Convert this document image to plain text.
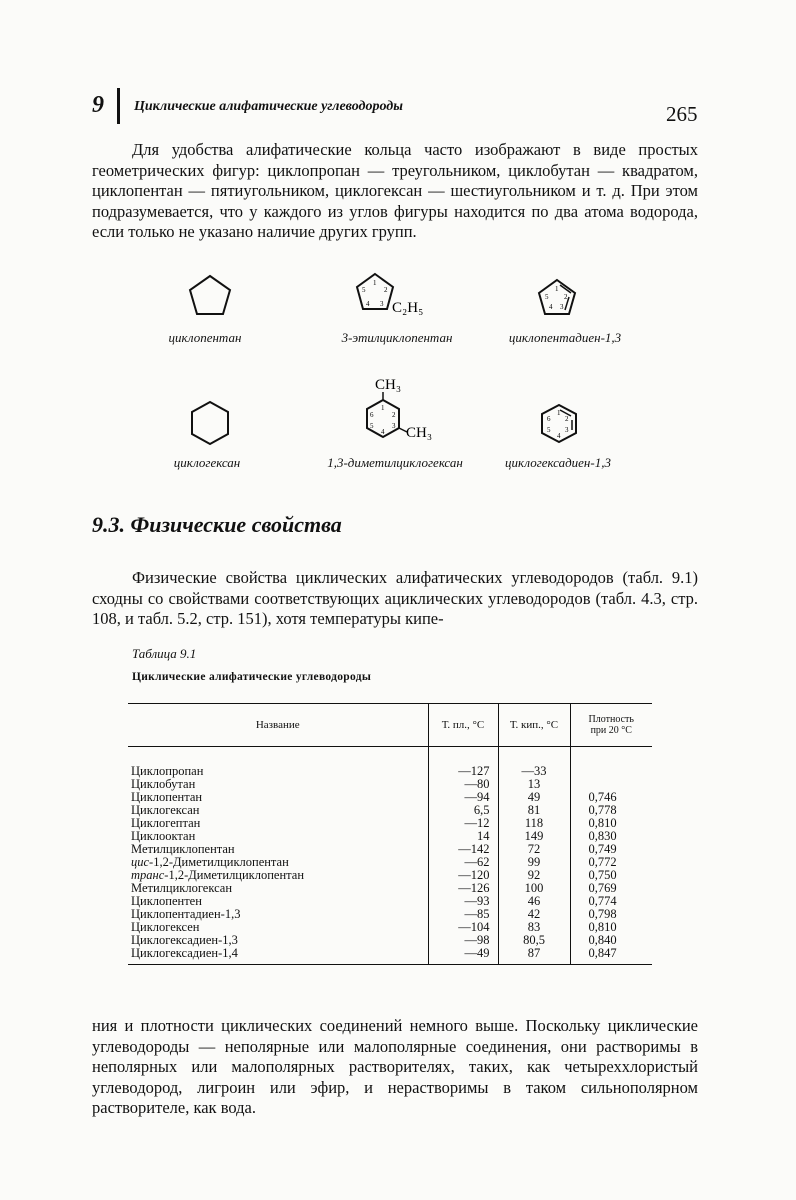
9 Циклические алифатические углеводороды	265

Для удобства алифатические кольца часто изображают в виде простых геометрических фигур: циклопропан — треугольником, циклобутан — квадратом, циклопентан — пятиугольником, циклогексан — шестиугольником и т. д. При этом подразумевается, что у каждого из углов фигуры находится по два атома водорода, если только не указано наличие других групп.

циклопентан
1
2
3
4
5
C₂H₅
3-этилциклопентан
1
2
3
4
5
циклопентадиен-1,3
циклогексан
CH₃
CH₃
1
2
3
4
5
6
1,3-диметилциклогексан
1
2
3
4
5
6
циклогексадиен-1,3
9.3. Физические свойства

Физические свойства циклических алифатических углеводородов (табл. 9.1) сходны со свойствами соответствующих ациклических углеводородов (табл. 4.3, стр. 108, и табл. 5.2, стр. 151), хотя температуры кипе-

Таблица 9.1
Циклические алифатические углеводороды
Название	Т. пл., °С	Т. кип., °С	Плотность
при 20 °С

Циклопропан	—127	—33	
Циклобутан	—80	13	
Циклопентан	—94	49	0,746
Циклогексан	6,5	81	0,778
Циклогептан	—12	118	0,810
Циклооктан	14	149	0,830
Метилциклопентан	—142	72	0,749
цис-1,2-Диметилциклопентан	—62	99	0,772
транс-1,2-Диметилциклопентан	—120	92	0,750
Метилциклогексан	—126	100	0,769
Циклопентен	—93	46	0,774
Циклопентадиен-1,3	—85	42	0,798
Циклогексен	—104	83	0,810
Циклогексадиен-1,3	—98	80,5	0,840
Циклогексадиен-1,4	—49	87	0,847

ния и плотности циклических соединений немного выше. Поскольку циклические углеводороды — неполярные или малополярные соединения, они растворимы в неполярных или малополярных растворителях, таких, как четыреххлористый углеводород, лигроин или эфир, и нерастворимы в таком сильнополярном растворителе, как вода.
